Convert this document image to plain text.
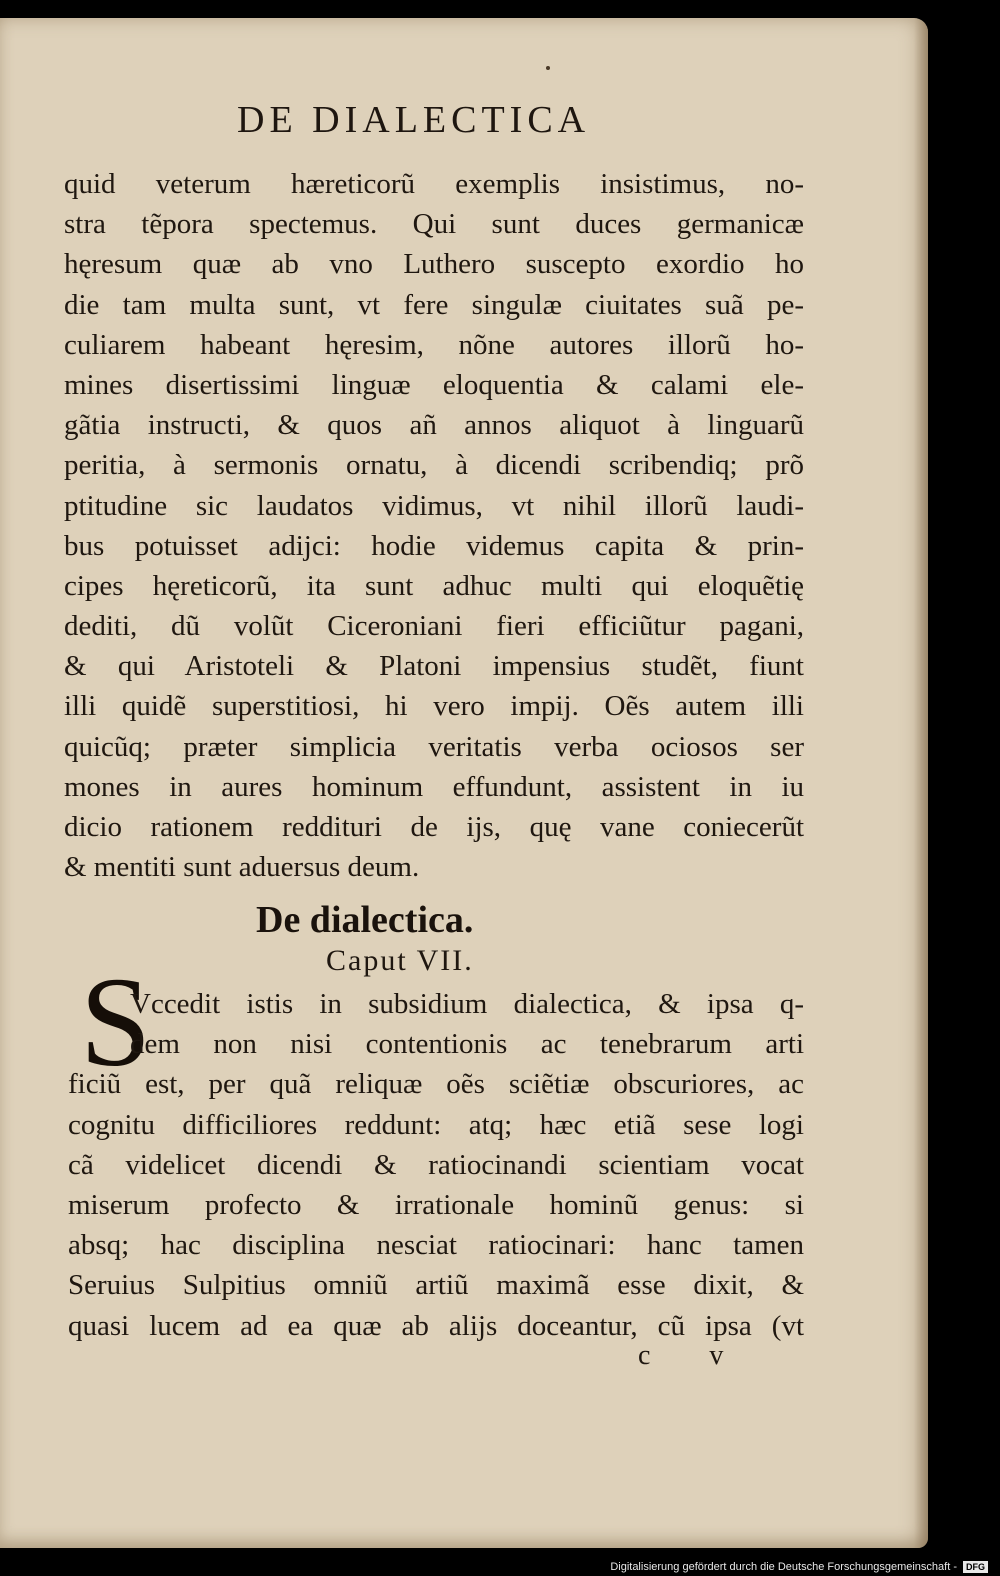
DE DIALECTICA
quid veterum hæreticorũ exemplis insistimus, no-
stra tẽpora spectemus. Qui sunt duces germanicæ
hęresum quæ ab vno Luthero suscepto exordio ho
die tam multa sunt, vt fere singulæ ciuitates suã pe-
culiarem habeant hęresim, nõne autores illorũ ho-
mines disertissimi linguæ eloquentia & calami ele-
gãtia instructi, & quos añ annos aliquot à linguarũ
peritia, à sermonis ornatu, à dicendi scribendiq; prõ
ptitudine sic laudatos vidimus, vt nihil illorũ laudi-
bus potuisset adijci: hodie videmus capita & prin-
cipes hęreticorũ, ita sunt adhuc multi qui eloquẽtię
dediti, dũ volũt Ciceroniani fieri efficiũtur pagani,
& qui Aristoteli & Platoni impensius studẽt, fiunt
illi quidẽ superstitiosi, hi vero impij. Oẽs autem illi
quicũq; præter simplicia veritatis verba ociosos ser
mones in aures hominum effundunt, assistent in iu
dicio rationem reddituri de ijs, quę vane coniecerũt
& mentiti sunt aduersus deum.
De dialectica.
Caput VII.
S
Vccedit istis in subsidium dialectica, & ipsa q-
dem non nisi contentionis ac tenebrarum arti
ficiũ est, per quã reliquæ oẽs sciẽtiæ obscuriores, ac
cognitu difficiliores reddunt: atq; hæc etiã sese logi
cã videlicet dicendi & ratiocinandi scientiam vocat
miserum profecto & irrationale hominũ genus: si
absq; hac disciplina nesciat ratiocinari: hanc tamen
Seruius Sulpitius omniũ artiũ maximã esse dixit, &
quasi lucem ad ea quæ ab alijs doceantur, cũ ipsa (vt
c v
Digitalisierung gefördert durch die Deutsche Forschungsgemeinschaft -	DFG
